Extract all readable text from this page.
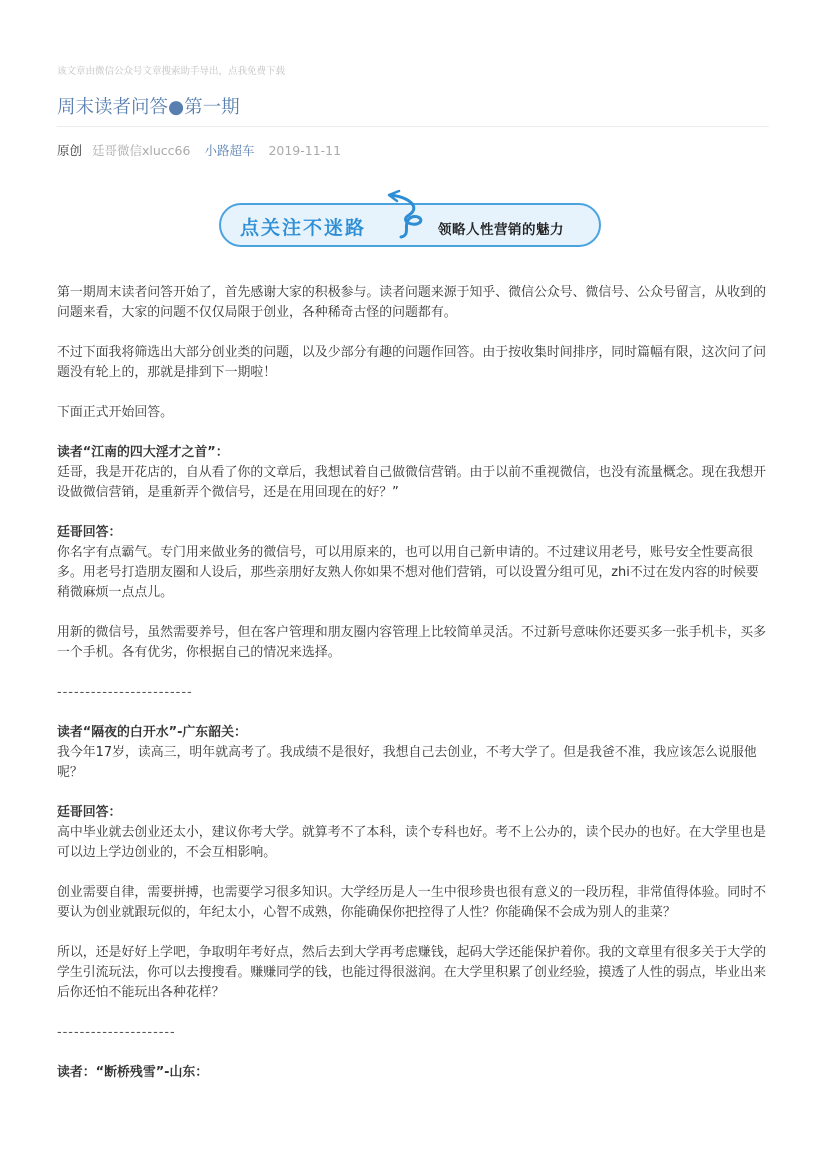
该文章由微信公众号文章搜索助手导出，点我免费下载
周末读者问答●第一期
原创 廷哥微信xlucc66 小路超车 2019-11-11
点关注不迷路	领略人性营销的魅力

第一期周末读者问答开始了，首先感谢大家的积极参与。读者问题来源于知乎、微信公众号、微信号、公众号留言，从收到的问题来看，大家的问题不仅仅局限于创业，各种稀奇古怪的问题都有。

不过下面我将筛选出大部分创业类的问题，以及少部分有趣的问题作回答。由于按收集时间排序，同时篇幅有限，这次问了问题没有轮上的，那就是排到下一期啦！

下面正式开始回答。

读者“江南的四大淫才之首”：

廷哥，我是开花店的，自从看了你的文章后，我想试着自己做微信营销。由于以前不重视微信，也没有流量概念。现在我想开设做微信营销，是重新弄个微信号，还是在用回现在的好？”

廷哥回答：

你名字有点霸气。专门用来做业务的微信号，可以用原来的，也可以用自己新申请的。不过建议用老号，账号安全性要高很多。用老号打造朋友圈和人设后，那些亲朋好友熟人你如果不想对他们营销，可以设置分组可见，zhi不过在发内容的时候要稍微麻烦一点点儿。

用新的微信号，虽然需要养号，但在客户管理和朋友圈内容管理上比较简单灵活。不过新号意味你还要买多一张手机卡，买多一个手机。各有优劣，你根据自己的情况来选择。

------------------------

读者“隔夜的白开水”-广东韶关：

我今年17岁，读高三，明年就高考了。我成绩不是很好，我想自己去创业，不考大学了。但是我爸不准，我应该怎么说服他呢？

廷哥回答：

高中毕业就去创业还太小，建议你考大学。就算考不了本科，读个专科也好。考不上公办的，读个民办的也好。在大学里也是可以边上学边创业的，不会互相影响。

创业需要自律，需要拼搏，也需要学习很多知识。大学经历是人一生中很珍贵也很有意义的一段历程，非常值得体验。同时不要认为创业就跟玩似的，年纪太小，心智不成熟，你能确保你把控得了人性？你能确保不会成为别人的韭菜？

所以，还是好好上学吧，争取明年考好点，然后去到大学再考虑赚钱，起码大学还能保护着你。我的文章里有很多关于大学的学生引流玩法，你可以去搜搜看。赚赚同学的钱，也能过得很滋润。在大学里积累了创业经验，摸透了人性的弱点，毕业出来后你还怕不能玩出各种花样？

---------------------

读者：“断桥残雪”-山东：
